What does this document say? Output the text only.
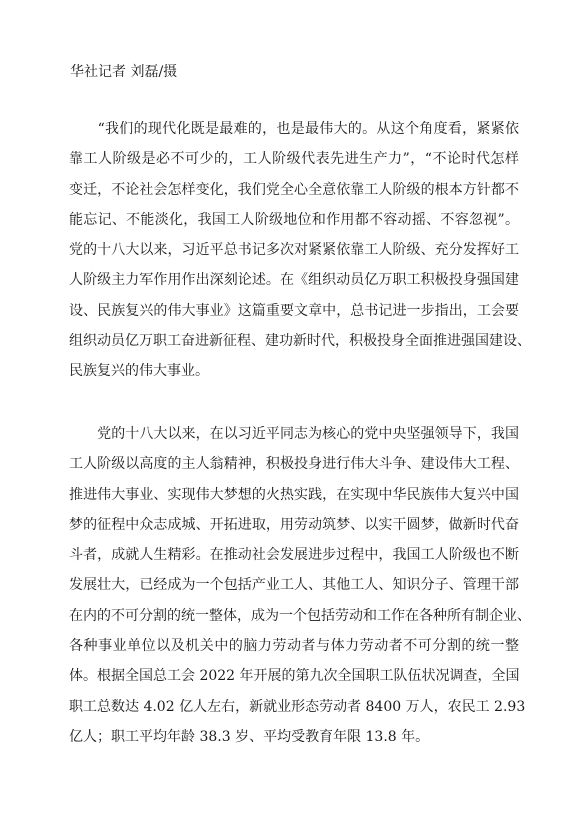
华社记者 刘磊/摄

　　“我们的现代化既是最难的，也是最伟大的。从这个角度看，紧紧依
靠工人阶级是必不可少的，工人阶级代表先进生产力”，“不论时代怎样
变迁，不论社会怎样变化，我们党全心全意依靠工人阶级的根本方针都不
能忘记、不能淡化，我国工人阶级地位和作用都不容动摇、不容忽视”。
党的十八大以来，习近平总书记多次对紧紧依靠工人阶级、充分发挥好工
人阶级主力军作用作出深刻论述。在《组织动员亿万职工积极投身强国建
设、民族复兴的伟大事业》这篇重要文章中，总书记进一步指出，工会要
组织动员亿万职工奋进新征程、建功新时代，积极投身全面推进强国建设、
民族复兴的伟大事业。

　　党的十八大以来，在以习近平同志为核心的党中央坚强领导下，我国
工人阶级以高度的主人翁精神，积极投身进行伟大斗争、建设伟大工程、
推进伟大事业、实现伟大梦想的火热实践，在实现中华民族伟大复兴中国
梦的征程中众志成城、开拓进取，用劳动筑梦、以实干圆梦，做新时代奋
斗者，成就人生精彩。在推动社会发展进步过程中，我国工人阶级也不断
发展壮大，已经成为一个包括产业工人、其他工人、知识分子、管理干部
在内的不可分割的统一整体，成为一个包括劳动和工作在各种所有制企业、
各种事业单位以及机关中的脑力劳动者与体力劳动者不可分割的统一整
体。根据全国总工会 2022 年开展的第九次全国职工队伍状况调查，全国
职工总数达 4.02 亿人左右，新就业形态劳动者 8400 万人，农民工 2.93
亿人；职工平均年龄 38.3 岁、平均受教育年限 13.8 年。
